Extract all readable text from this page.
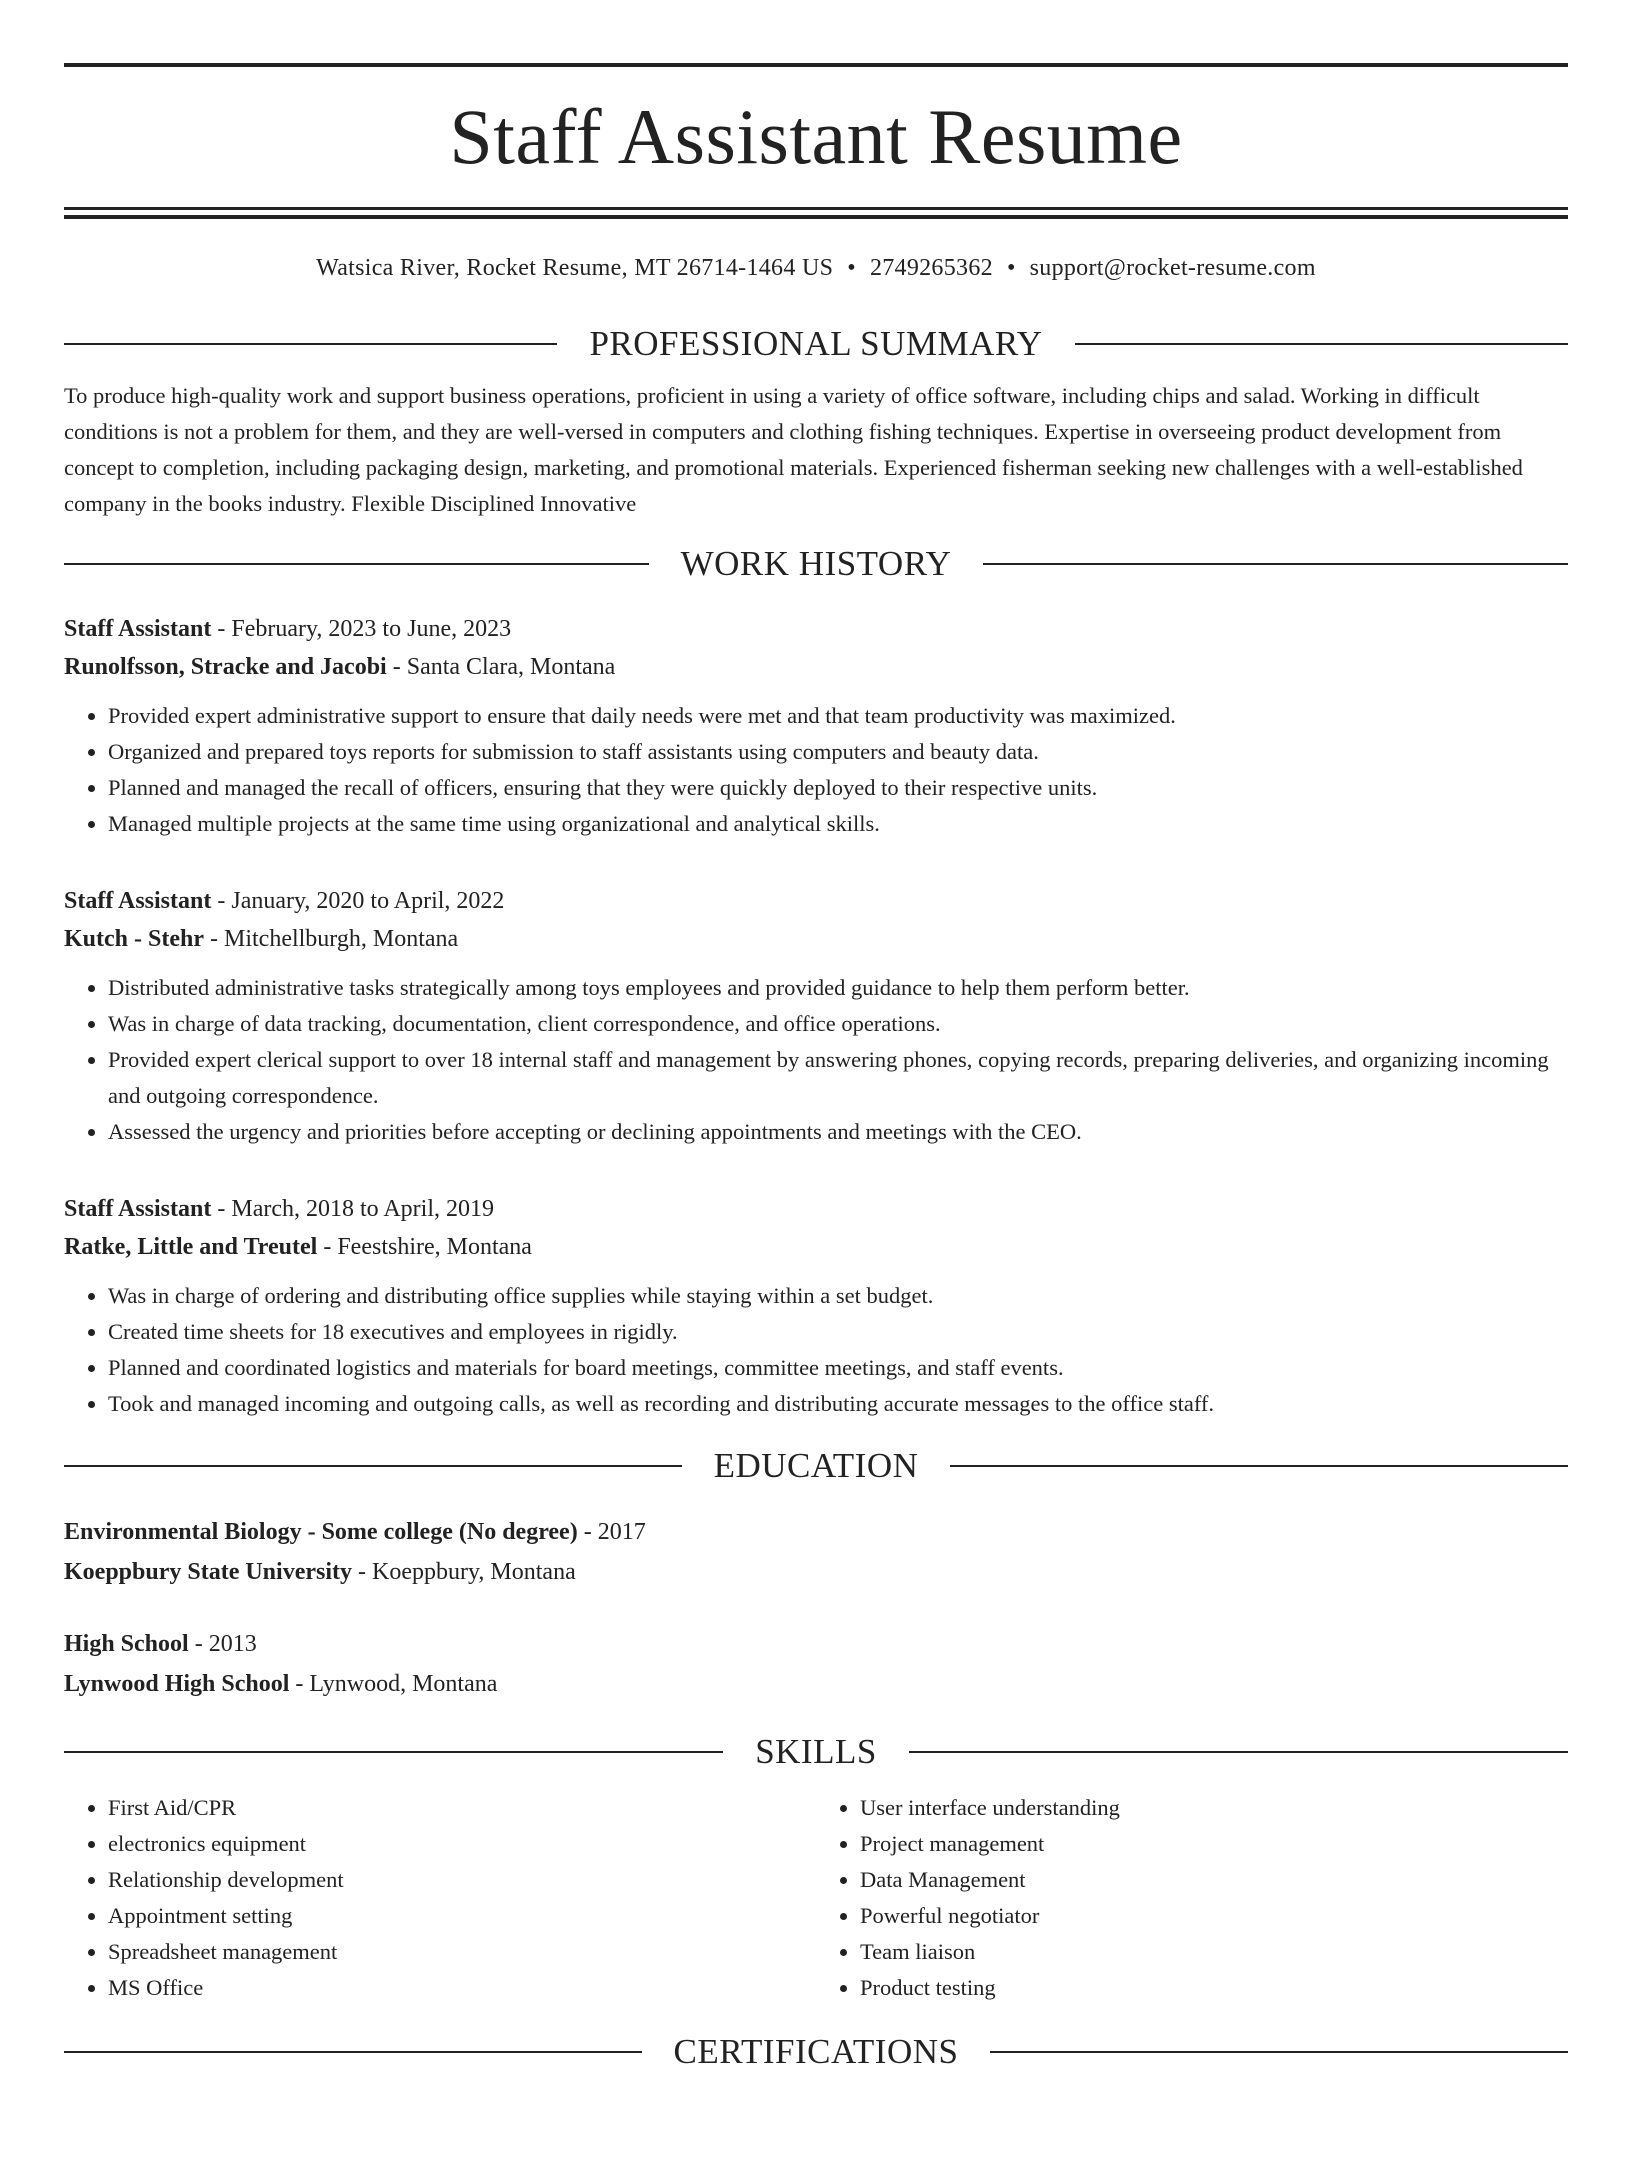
Staff Assistant Resume
Watsica River, Rocket Resume, MT 26714-1464 US • 2749265362 • support@rocket-resume.com
PROFESSIONAL SUMMARY

To produce high-quality work and support business operations, proficient in using a variety of office software, including chips and salad. Working in difficult conditions is not a problem for them, and they are well-versed in computers and clothing fishing techniques. Expertise in overseeing product development from concept to completion, including packaging design, marketing, and promotional materials. Experienced fisherman seeking new challenges with a well-established company in the books industry. Flexible Disciplined Innovative

WORK HISTORY
Staff Assistant - February, 2023 to June, 2023
Runolfsson, Stracke and Jacobi - Santa Clara, Montana
• Provided expert administrative support to ensure that daily needs were met and that team productivity was maximized.
• Organized and prepared toys reports for submission to staff assistants using computers and beauty data.
• Planned and managed the recall of officers, ensuring that they were quickly deployed to their respective units.
• Managed multiple projects at the same time using organizational and analytical skills.
Staff Assistant - January, 2020 to April, 2022
Kutch - Stehr - Mitchellburgh, Montana
• Distributed administrative tasks strategically among toys employees and provided guidance to help them perform better.
• Was in charge of data tracking, documentation, client correspondence, and office operations.
• Provided expert clerical support to over 18 internal staff and management by answering phones, copying records, preparing deliveries, and organizing incoming and outgoing correspondence.
• Assessed the urgency and priorities before accepting or declining appointments and meetings with the CEO.
Staff Assistant - March, 2018 to April, 2019
Ratke, Little and Treutel - Feestshire, Montana
• Was in charge of ordering and distributing office supplies while staying within a set budget.
• Created time sheets for 18 executives and employees in rigidly.
• Planned and coordinated logistics and materials for board meetings, committee meetings, and staff events.
• Took and managed incoming and outgoing calls, as well as recording and distributing accurate messages to the office staff.
EDUCATION
Environmental Biology - Some college (No degree) - 2017
Koeppbury State University - Koeppbury, Montana
High School - 2013
Lynwood High School - Lynwood, Montana
SKILLS
• First Aid/CPR
• electronics equipment
• Relationship development
• Appointment setting
• Spreadsheet management
• MS Office
• User interface understanding
• Project management
• Data Management
• Powerful negotiator
• Team liaison
• Product testing
CERTIFICATIONS
